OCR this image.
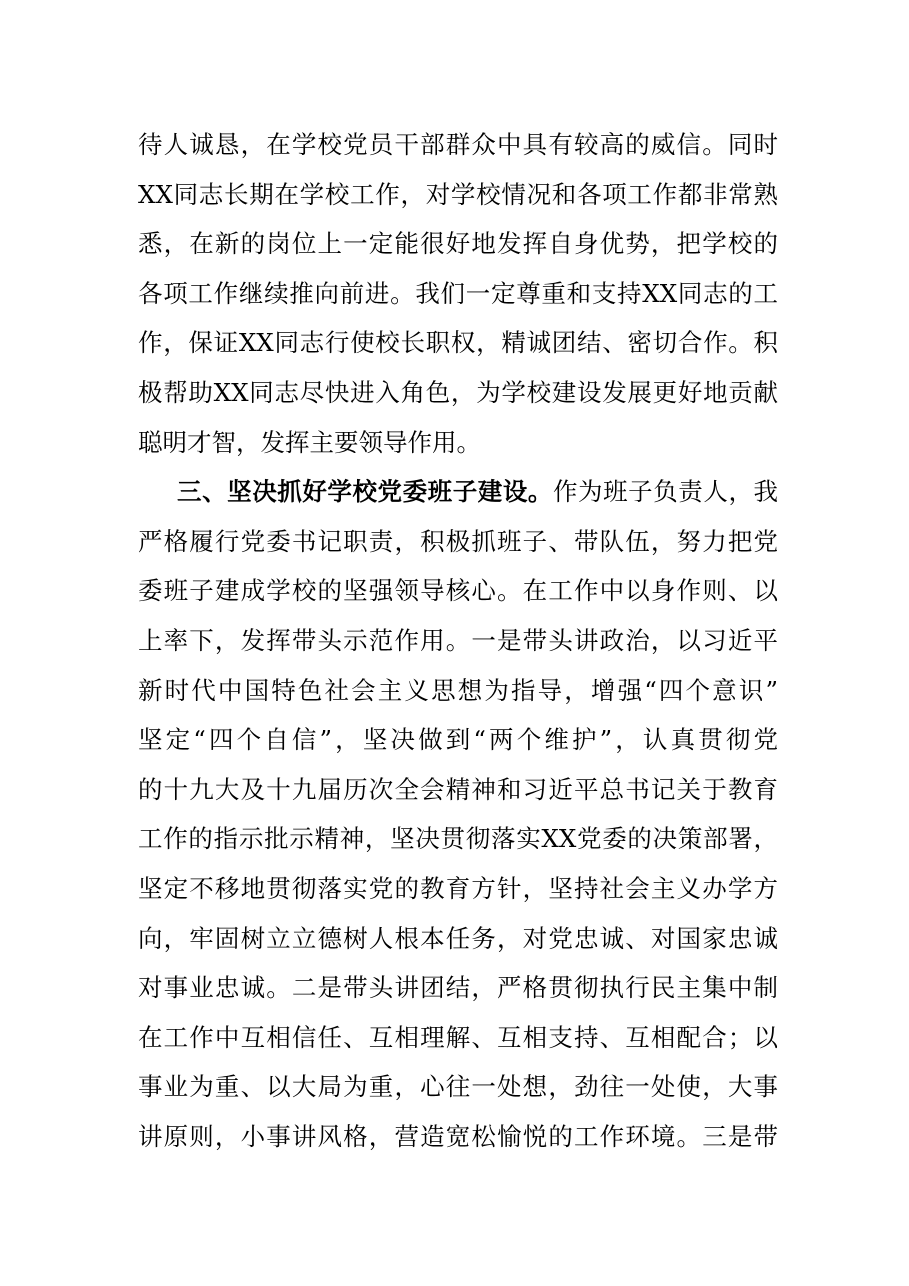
待人诚恳，在学校党员干部群众中具有较高的威信。同时
XX同志长期在学校工作，对学校情况和各项工作都非常熟
悉，在新的岗位上一定能很好地发挥自身优势，把学校的
各项工作继续推向前进。我们一定尊重和支持XX同志的工
作，保证XX同志行使校长职权，精诚团结、密切合作。积
极帮助XX同志尽快进入角色，为学校建设发展更好地贡献
聪明才智，发挥主要领导作用。
三、坚决抓好学校党委班子建设。作为班子负责人，我
严格履行党委书记职责，积极抓班子、带队伍，努力把党
委班子建成学校的坚强领导核心。在工作中以身作则、以
上率下，发挥带头示范作用。一是带头讲政治，以习近平
新时代中国特色社会主义思想为指导，增强“四个意识”
坚定“四个自信”，坚决做到“两个维护”，认真贯彻党
的十九大及十九届历次全会精神和习近平总书记关于教育
工作的指示批示精神，坚决贯彻落实XX党委的决策部署，
坚定不移地贯彻落实党的教育方针，坚持社会主义办学方
向，牢固树立立德树人根本任务，对党忠诚、对国家忠诚
对事业忠诚。二是带头讲团结，严格贯彻执行民主集中制
在工作中互相信任、互相理解、互相支持、互相配合；以
事业为重、以大局为重，心往一处想，劲往一处使，大事
讲原则，小事讲风格，营造宽松愉悦的工作环境。三是带
